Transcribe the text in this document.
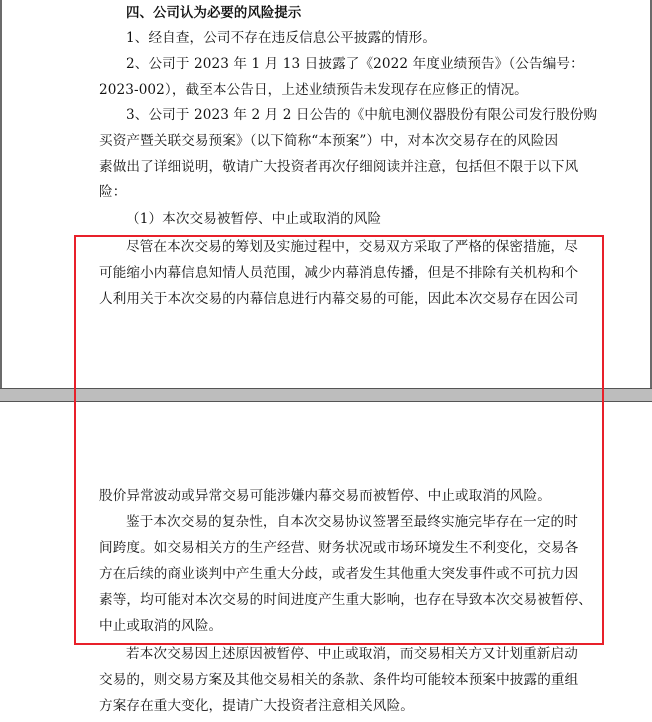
四、公司认为必要的风险提示
1、经自查，公司不存在违反信息公平披露的情形。
2、公司于 2023 年 1 月 13 日披露了《2022 年度业绩预告》（公告编号：
2023-002），截至本公告日，上述业绩预告未发现存在应修正的情况。
3、公司于 2023 年 2 月 2 日公告的《中航电测仪器股份有限公司发行股份购
买资产暨关联交易预案》（以下简称“本预案”）中，对本次交易存在的风险因
素做出了详细说明，敬请广大投资者再次仔细阅读并注意，包括但不限于以下风
险：
（1）本次交易被暂停、中止或取消的风险
尽管在本次交易的筹划及实施过程中，交易双方采取了严格的保密措施，尽
可能缩小内幕信息知情人员范围，减少内幕消息传播，但是不排除有关机构和个
人利用关于本次交易的内幕信息进行内幕交易的可能，因此本次交易存在因公司
股价异常波动或异常交易可能涉嫌内幕交易而被暂停、中止或取消的风险。
鉴于本次交易的复杂性，自本次交易协议签署至最终实施完毕存在一定的时
间跨度。如交易相关方的生产经营、财务状况或市场环境发生不利变化，交易各
方在后续的商业谈判中产生重大分歧，或者发生其他重大突发事件或不可抗力因
素等，均可能对本次交易的时间进度产生重大影响，也存在导致本次交易被暂停、
中止或取消的风险。
若本次交易因上述原因被暂停、中止或取消，而交易相关方又计划重新启动
交易的，则交易方案及其他交易相关的条款、条件均可能较本预案中披露的重组
方案存在重大变化，提请广大投资者注意相关风险。
